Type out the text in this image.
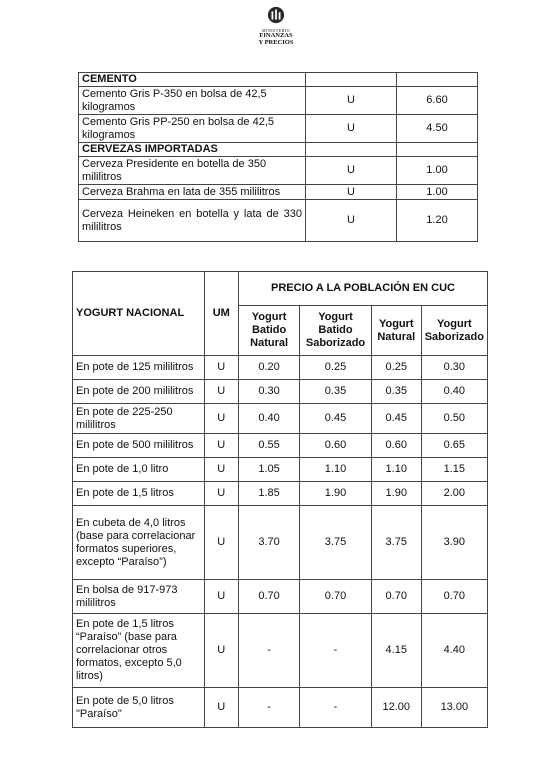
MINISTERIO
FINANZAS
Y PRECIOS
CEMENTO		
Cemento Gris P-350 en bolsa de 42,5 kilogramos	U	6.60
Cemento Gris PP-250 en bolsa de 42,5 kilogramos	U	4.50
CERVEZAS IMPORTADAS		
Cerveza Presidente en botella de 350 mililitros	U	1.00
Cerveza Brahma en lata de 355 mililitros	U	1.00
Cerveza Heineken en botella y lata de 330 mililitros	U	1.20
YOGURT NACIONAL	UM	PRECIO A LA POBLACIÓN EN CUC			
		Yogurt Batido Natural	Yogurt Batido Saborizado	Yogurt Natural	Yogurt Saborizado
En pote de 125 mililitros	U	0.20	0.25	0.25	0.30
En pote de 200 mililitros	U	0.30	0.35	0.35	0.40
En pote de 225-250 mililitros	U	0.40	0.45	0.45	0.50
En pote de 500 mililitros	U	0.55	0.60	0.60	0.65
En pote de 1,0 litro	U	1.05	1.10	1.10	1.15
En pote de 1,5 litros	U	1.85	1.90	1.90	2.00
En cubeta de 4,0 litros (base para correlacionar formatos superiores, excepto “Paraíso”)	U	3.70	3.75	3.75	3.90
En bolsa de 917-973 mililitros	U	0.70	0.70	0.70	0.70
En pote de 1,5 litros “Paraíso” (base para correlacionar otros formatos, excepto 5,0 litros)	U	-	-	4.15	4.40
En pote de 5,0 litros "Paraíso"	U	-	-	12.00	13.00
